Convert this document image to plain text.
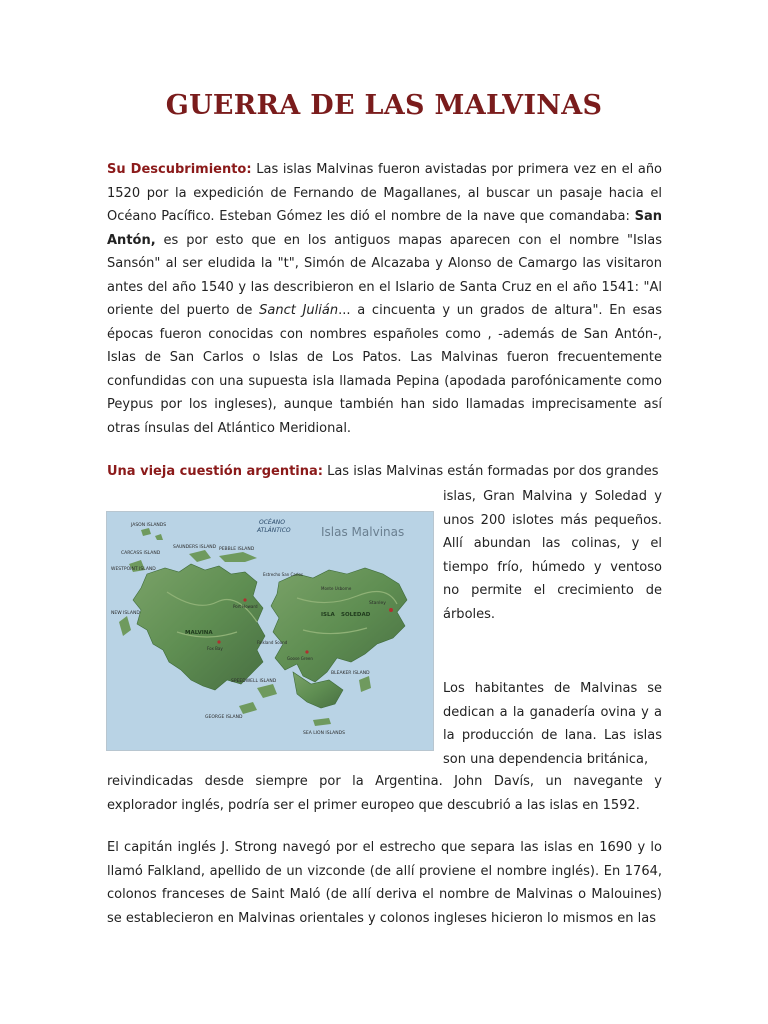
GUERRA DE LAS MALVINAS

Su Descubrimiento: Las islas Malvinas fueron avistadas por primera vez en el año 1520 por la expedición de Fernando de Magallanes, al buscar un pasaje hacia el Océano Pacífico. Esteban Gómez les dió el nombre de la nave que comandaba: San Antón, es por esto que en los antiguos mapas aparecen con el nombre "Islas Sansón" al ser eludida la "t", Simón de Alcazaba y Alonso de Camargo las visitaron antes del año 1540 y las describieron en el Islario de Santa Cruz en el año 1541: "Al oriente del puerto de Sanct Julián... a cincuenta y un grados de altura". En esas épocas fueron conocidas con nombres españoles como , -además de San Antón-, Islas de San Carlos o Islas de Los Patos. Las Malvinas fueron frecuentemente confundidas con una supuesta isla llamada Pepina (apodada parofónicamente como Peypus por los ingleses), aunque también han sido llamadas imprecisamente así otras ínsulas del Atlántico Meridional.

Una vieja cuestión argentina: Las islas Malvinas están formadas por dos grandes

Islas Malvinas
OCÉANO
ATLÁNTICO
JASON ISLANDS
PEBBLE ISLAND
SAUNDERS ISLAND
CARCASS ISLAND
WESTPOINT ISLAND
NEW ISLAND
MALVINA
ISLA SOLEDAD
SPEEDWELL ISLAND
GEORGE ISLAND
BLEAKER ISLAND
SEA LION ISLANDS
Stanley
Goose Green
Fox Bay
Port Howard
Estrecho San Carlos
Monte Usborne
Falkland Sound

islas, Gran Malvina y Soledad y unos 200 islotes más pequeños. Allí abundan las colinas, y el tiempo frío, húmedo y ventoso no permite el crecimiento de árboles.

Los habitantes de Malvinas se dedican a la ganadería ovina y a la producción de lana. Las islas son una dependencia británica,

reivindicadas desde siempre por la Argentina. John Davís, un navegante y explorador inglés, podría ser el primer europeo que descubrió a las islas en 1592.

El capitán inglés J. Strong navegó por el estrecho que separa las islas en 1690 y lo llamó Falkland, apellido de un vizconde (de allí proviene el nombre inglés). En 1764, colonos franceses de Saint Maló (de allí deriva el nombre de Malvinas o Malouines) se establecieron en Malvinas orientales y colonos ingleses hicieron lo mismos en las
